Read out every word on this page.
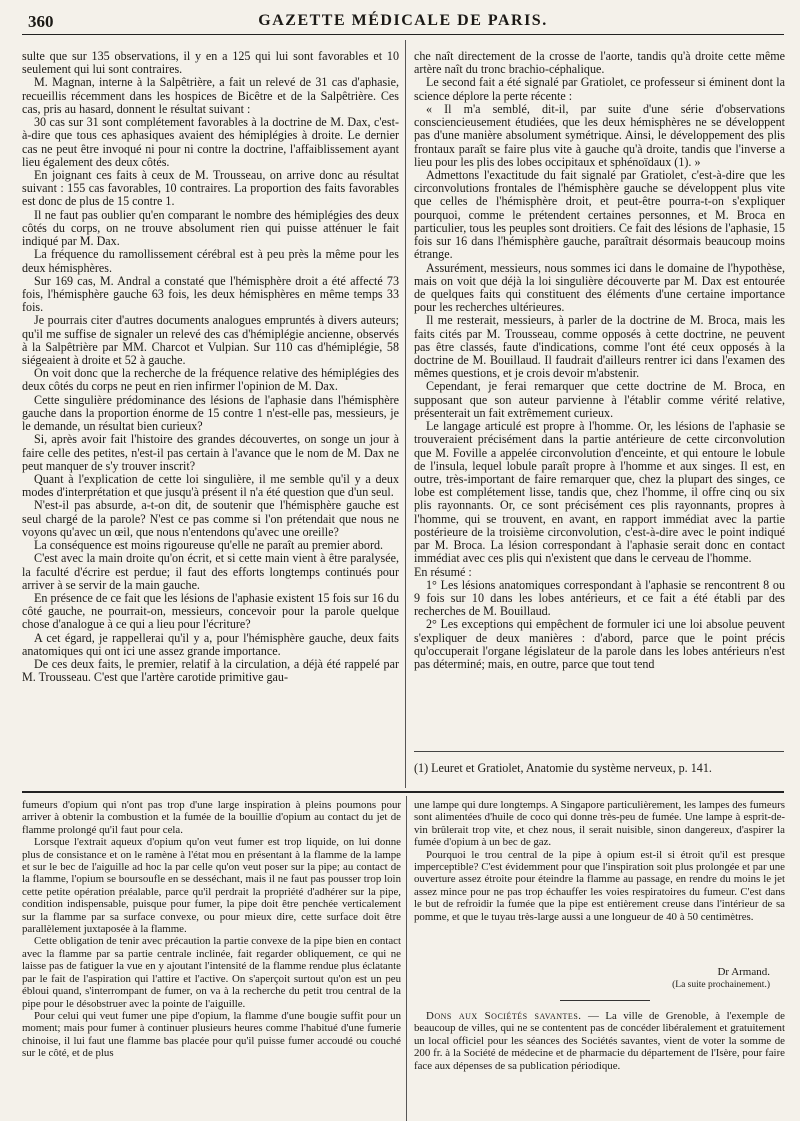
360	GAZETTE MÉDICALE DE PARIS.

sulte que sur 135 observations, il y en a 125 qui lui sont favorables et 10 seulement qui lui sont contraires.

M. Magnan, interne à la Salpêtrière, a fait un relevé de 31 cas d'aphasie, recueillis récemment dans les hospices de Bicêtre et de la Salpêtrière. Ces cas, pris au hasard, donnent le résultat suivant :

30 cas sur 31 sont complétement favorables à la doctrine de M. Dax, c'est-à-dire que tous ces aphasiques avaient des hémiplégies à droite. Le dernier cas ne peut être invoqué ni pour ni contre la doctrine, l'affaiblissement ayant lieu également des deux côtés.

En joignant ces faits à ceux de M. Trousseau, on arrive donc au résultat suivant : 155 cas favorables, 10 contraires. La proportion des faits favorables est donc de plus de 15 contre 1.

Il ne faut pas oublier qu'en comparant le nombre des hémiplégies des deux côtés du corps, on ne trouve absolument rien qui puisse atténuer le fait indiqué par M. Dax.

La fréquence du ramollissement cérébral est à peu près la même pour les deux hémisphères.

Sur 169 cas, M. Andral a constaté que l'hémisphère droit a été affecté 73 fois, l'hémisphère gauche 63 fois, les deux hémisphères en même temps 33 fois.

Je pourrais citer d'autres documents analogues empruntés à divers auteurs; qu'il me suffise de signaler un relevé des cas d'hémiplégie ancienne, observés à la Salpêtrière par MM. Charcot et Vulpian. Sur 110 cas d'hémiplégie, 58 siégeaient à droite et 52 à gauche.

On voit donc que la recherche de la fréquence relative des hémiplégies des deux côtés du corps ne peut en rien infirmer l'opinion de M. Dax.

Cette singulière prédominance des lésions de l'aphasie dans l'hémisphère gauche dans la proportion énorme de 15 contre 1 n'est-elle pas, messieurs, je le demande, un résultat bien curieux?

Si, après avoir fait l'histoire des grandes découvertes, on songe un jour à faire celle des petites, n'est-il pas certain à l'avance que le nom de M. Dax ne peut manquer de s'y trouver inscrit?

Quant à l'explication de cette loi singulière, il me semble qu'il y a deux modes d'interprétation et que jusqu'à présent il n'a été question que d'un seul.

N'est-il pas absurde, a-t-on dit, de soutenir que l'hémisphère gauche est seul chargé de la parole? N'est ce pas comme si l'on prétendait que nous ne voyons qu'avec un œil, que nous n'entendons qu'avec une oreille?

La conséquence est moins rigoureuse qu'elle ne paraît au premier abord.

C'est avec la main droite qu'on écrit, et si cette main vient à être paralysée, la faculté d'écrire est perdue; il faut des efforts longtemps continués pour arriver à se servir de la main gauche.

En présence de ce fait que les lésions de l'aphasie existent 15 fois sur 16 du côté gauche, ne pourrait-on, messieurs, concevoir pour la parole quelque chose d'analogue à ce qui a lieu pour l'écriture?

A cet égard, je rappellerai qu'il y a, pour l'hémisphère gauche, deux faits anatomiques qui ont ici une assez grande importance.

De ces deux faits, le premier, relatif à la circulation, a déjà été rappelé par M. Trousseau. C'est que l'artère carotide primitive gau-

che naît directement de la crosse de l'aorte, tandis qu'à droite cette même artère naît du tronc brachio-céphalique.

Le second fait a été signalé par Gratiolet, ce professeur si éminent dont la science déplore la perte récente :

« Il m'a semblé, dit-il, par suite d'une série d'observations consciencieusement étudiées, que les deux hémisphères ne se développent pas d'une manière absolument symétrique. Ainsi, le développement des plis frontaux paraît se faire plus vite à gauche qu'à droite, tandis que l'inverse a lieu pour les plis des lobes occipitaux et sphénoïdaux (1). »

Admettons l'exactitude du fait signalé par Gratiolet, c'est-à-dire que les circonvolutions frontales de l'hémisphère gauche se développent plus vite que celles de l'hémisphère droit, et peut-être pourra-t-on s'expliquer pourquoi, comme le prétendent certaines personnes, et M. Broca en particulier, tous les peuples sont droitiers. Ce fait des lésions de l'aphasie, 15 fois sur 16 dans l'hémisphère gauche, paraîtrait désormais beaucoup moins étrange.

Assurément, messieurs, nous sommes ici dans le domaine de l'hypothèse, mais on voit que déjà la loi singulière découverte par M. Dax est entourée de quelques faits qui constituent des éléments d'une certaine importance pour les recherches ultérieures.

Il me resterait, messieurs, à parler de la doctrine de M. Broca, mais les faits cités par M. Trousseau, comme opposés à cette doctrine, ne peuvent pas être classés, faute d'indications, comme l'ont été ceux opposés à la doctrine de M. Bouillaud. Il faudrait d'ailleurs rentrer ici dans l'examen des mêmes questions, et je crois devoir m'abstenir.

Cependant, je ferai remarquer que cette doctrine de M. Broca, en supposant que son auteur parvienne à l'établir comme vérité relative, présenterait un fait extrêmement curieux.

Le langage articulé est propre à l'homme. Or, les lésions de l'aphasie se trouveraient précisément dans la partie antérieure de cette circonvolution que M. Foville a appelée circonvolution d'enceinte, et qui entoure le lobule de l'insula, lequel lobule paraît propre à l'homme et aux singes. Il est, en outre, très-important de faire remarquer que, chez la plupart des singes, ce lobe est complétement lisse, tandis que, chez l'homme, il offre cinq ou six plis rayonnants. Or, ce sont précisément ces plis rayonnants, propres à l'homme, qui se trouvent, en avant, en rapport immédiat avec la partie postérieure de la troisième circonvolution, c'est-à-dire avec le point indiqué par M. Broca. La lésion correspondant à l'aphasie serait donc en contact immédiat avec ces plis qui n'existent que dans le cerveau de l'homme.

En résumé :

1° Les lésions anatomiques correspondant à l'aphasie se rencontrent 8 ou 9 fois sur 10 dans les lobes antérieurs, et ce fait a été établi par des recherches de M. Bouillaud.

2° Les exceptions qui empêchent de formuler ici une loi absolue peuvent s'expliquer de deux manières : d'abord, parce que le point précis qu'occuperait l'organe législateur de la parole dans les lobes antérieurs n'est pas déterminé; mais, en outre, parce que tout tend

(1) Leuret et Gratiolet, Anatomie du système nerveux, p. 141.

fumeurs d'opium qui n'ont pas trop d'une large inspiration à pleins poumons pour arriver à obtenir la combustion et la fumée de la bouillie d'opium au contact du jet de flamme prolongé qu'il faut pour cela.

Lorsque l'extrait aqueux d'opium qu'on veut fumer est trop liquide, on lui donne plus de consistance et on le ramène à l'état mou en présentant à la flamme de la lampe et sur le bec de l'aiguille ad hoc la par celle qu'on veut poser sur la pipe; au contact de la flamme, l'opium se boursoufle en se desséchant, mais il ne faut pas pousser trop loin cette petite opération préalable, parce qu'il perdrait la propriété d'adhérer sur la pipe, condition indispensable, puisque pour fumer, la pipe doit être penchée verticalement sur la flamme par sa surface convexe, ou pour mieux dire, cette surface doit être parallèlement juxtaposée à la flamme.

Cette obligation de tenir avec précaution la partie convexe de la pipe bien en contact avec la flamme par sa partie centrale inclinée, fait regarder obliquement, ce qui ne laisse pas de fatiguer la vue en y ajoutant l'intensité de la flamme rendue plus éclatante par le fait de l'aspiration qui l'attire et l'active. On s'aperçoit surtout qu'on est un peu ébloui quand, s'interrompant de fumer, on va à la recherche du petit trou central de la pipe pour le désobstruer avec la pointe de l'aiguille.

Pour celui qui veut fumer une pipe d'opium, la flamme d'une bougie suffit pour un moment; mais pour fumer à continuer plusieurs heures comme l'habitué d'une fumerie chinoise, il lui faut une flamme bas placée pour qu'il puisse fumer accoudé ou couché sur le côté, et de plus

une lampe qui dure longtemps. A Singapore particulièrement, les lampes des fumeurs sont alimentées d'huile de coco qui donne très-peu de fumée. Une lampe à esprit-de-vin brûlerait trop vite, et chez nous, il serait nuisible, sinon dangereux, d'aspirer la fumée d'opium à un bec de gaz.

Pourquoi le trou central de la pipe à opium est-il si étroit qu'il est presque imperceptible? C'est évidemment pour que l'inspiration soit plus prolongée et par une ouverture assez étroite pour éteindre la flamme au passage, en rendre du moins le jet assez mince pour ne pas trop échauffer les voies respiratoires du fumeur. C'est dans le but de refroidir la fumée que la pipe est entièrement creuse dans l'intérieur de sa pomme, et que le tuyau très-large aussi a une longueur de 40 à 50 centimètres.

Dr Armand.
(La suite prochainement.)

Dons aux Sociétés savantes. — La ville de Grenoble, à l'exemple de beaucoup de villes, qui ne se contentent pas de concéder libéralement et gratuitement un local officiel pour les séances des Sociétés savantes, vient de voter la somme de 200 fr. à la Société de médecine et de pharmacie du département de l'Isère, pour faire face aux dépenses de sa publication périodique.
